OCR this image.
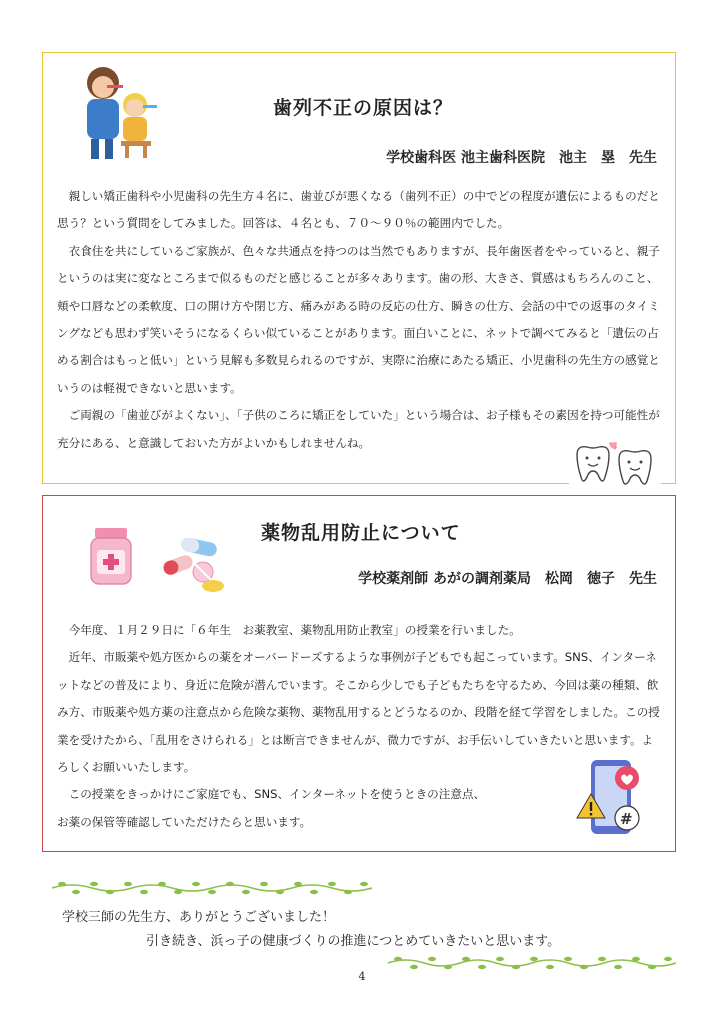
歯列不正の原因は？
学校歯科医 池主歯科医院　池主　塁　先生

親しい矯正歯科や小児歯科の先生方４名に、歯並びが悪くなる（歯列不正）の中でどの程度が遺伝によるものだと思う？という質問をしてみました。回答は、４名とも、７０～９０％の範囲内でした。

衣食住を共にしているご家族が、色々な共通点を持つのは当然でもありますが、長年歯医者をやっていると、親子というのは実に変なところまで似るものだと感じることが多々あります。歯の形、大きさ、質感はもちろんのこと、頬や口唇などの柔軟度、口の開け方や閉じ方、痛みがある時の反応の仕方、瞬きの仕方、会話の中での返事のタイミングなども思わず笑いそうになるくらい似ていることがあります。面白いことに、ネットで調べてみると「遺伝の占める割合はもっと低い」という見解も多数見られるのですが、実際に治療にあたる矯正、小児歯科の先生方の感覚というのは軽視できないと思います。

ご両親の「歯並びがよくない」、「子供のころに矯正をしていた」という場合は、お子様もその素因を持つ可能性が充分にある、と意識しておいた方がよいかもしれませんね。

薬物乱用防止について
学校薬剤師 あがの調剤薬局　松岡　徳子　先生

今年度、１月２９日に「６年生　お薬教室、薬物乱用防止教室」の授業を行いました。

近年、市販薬や処方医からの薬をオーバードーズするような事例が子どもでも起こっています。SNS、インターネットなどの普及により、身近に危険が潜んでいます。そこから少しでも子どもたちを守るため、今回は薬の種類、飲み方、市販薬や処方薬の注意点から危険な薬物、薬物乱用するとどうなるのか、段階を経て学習をしました。この授業を受けたから、「乱用をさけられる」とは断言できませんが、微力ですが、お手伝いしていきたいと思います。よろしくお願いいたします。

この授業をきっかけにご家庭でも、SNS、インターネットを使うときの注意点、

お薬の保管等確認していただけたらと思います。	#
学校三師の先生方、ありがとうございました！
引き続き、浜っ子の健康づくりの推進につとめていきたいと思います。
4
